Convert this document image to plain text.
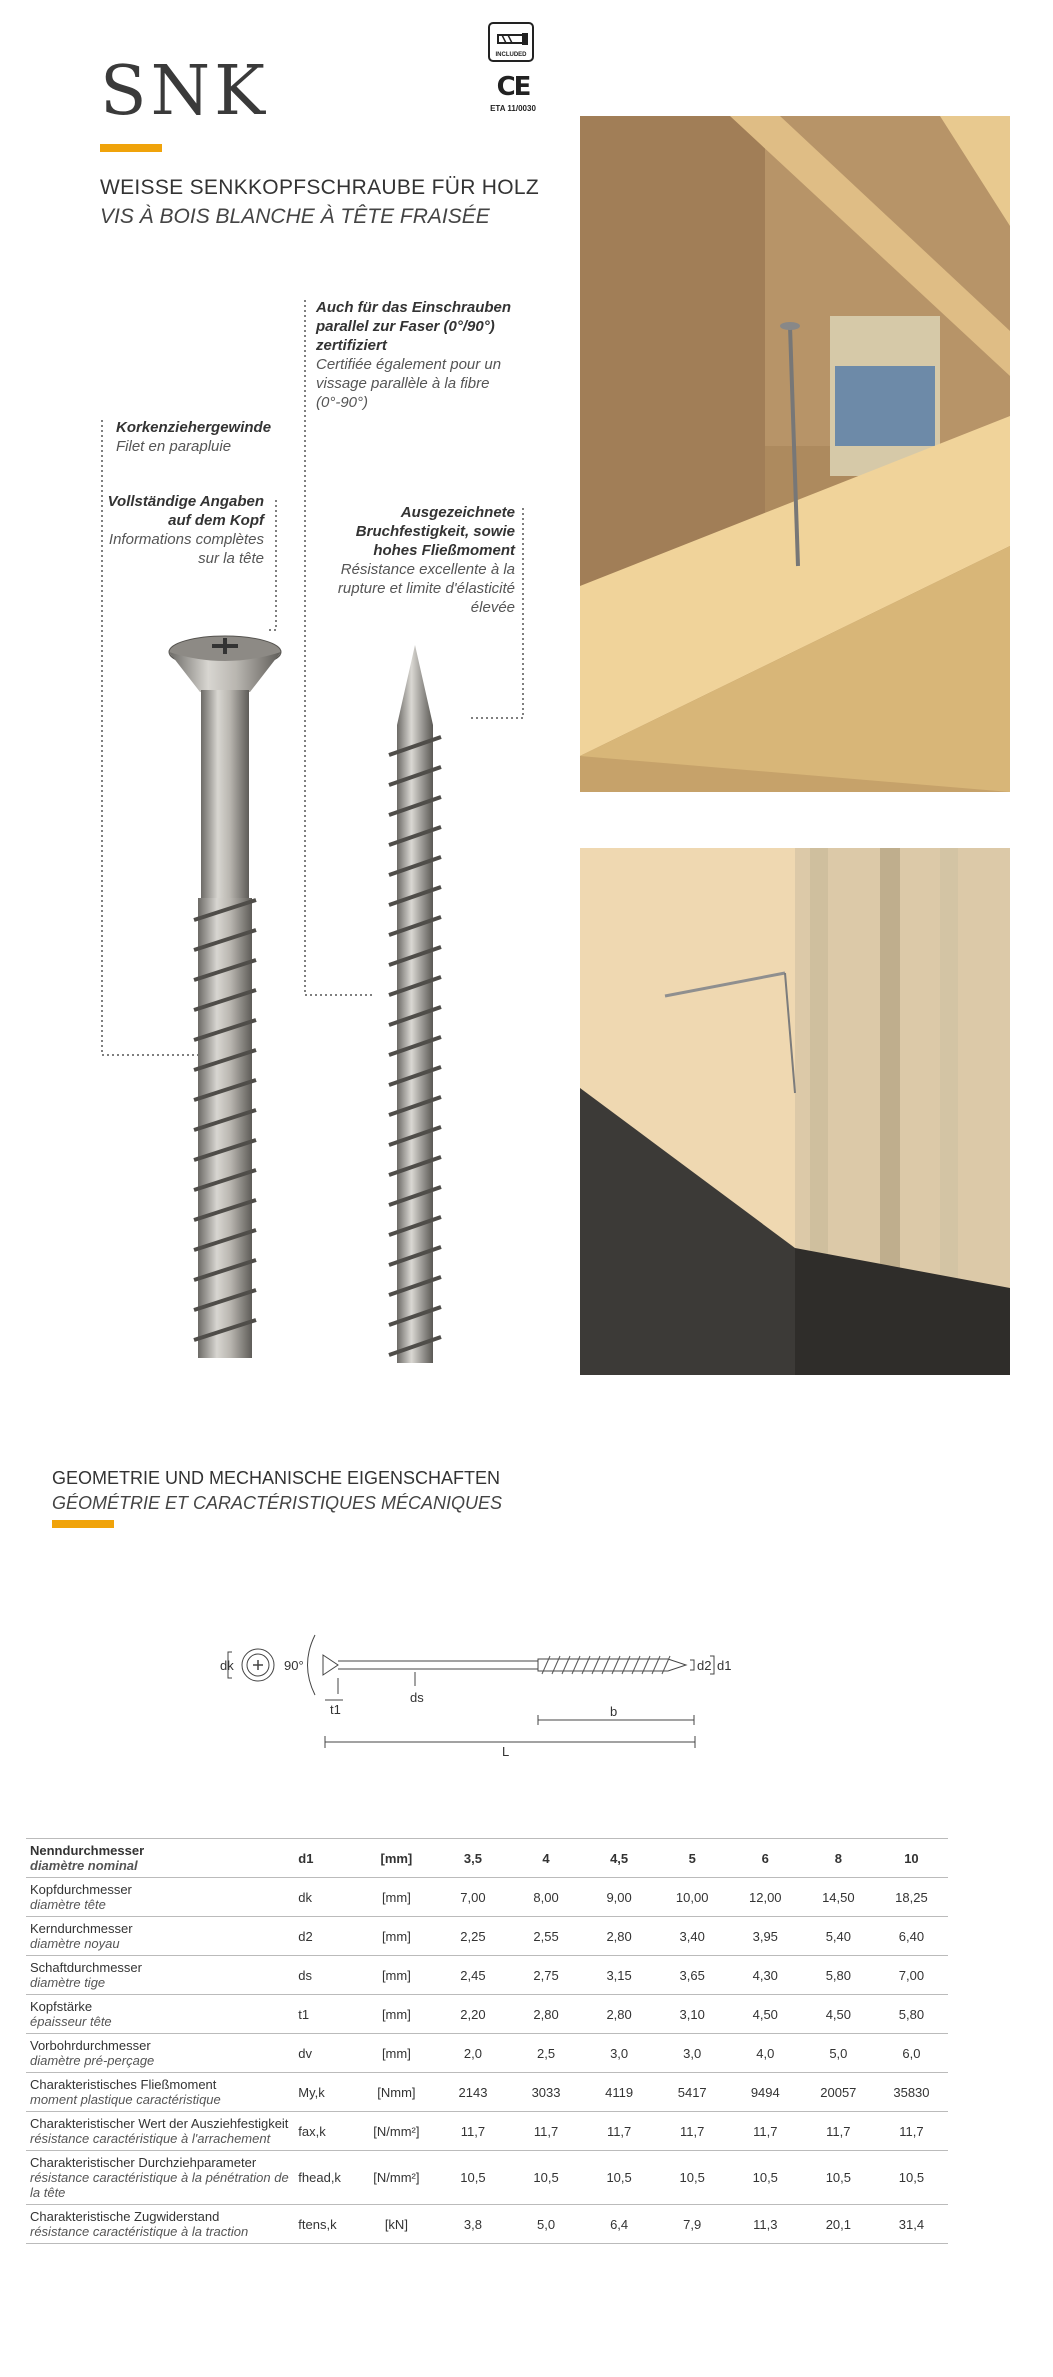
SNK
WEISSE SENKKOPFSCHRAUBE FÜR HOLZ
VIS À BOIS BLANCHE À TÊTE FRAISÉE
INCLUDED
CE
ETA 11/0030
Auch für das Einschrauben parallel zur Faser (0°/90°) zertifiziert
Certifiée également pour un vissage parallèle à la fibre (0°-90°)
Korkenziehergewinde
Filet en parapluie
Vollständige Angaben auf dem Kopf
Informations complètes sur la tête
Ausgezeichnete Bruchfestigkeit, sowie hohes Fließmoment
Résistance excellente à la rupture et limite d'élasticité élevée
GEOMETRIE UND MECHANISCHE EIGENSCHAFTEN
GÉOMÉTRIE ET CARACTÉRISTIQUES MÉCANIQUES
dk	90°
ds
t1	b
L
d2 d1
Nenndurchmesser
diamètre nominal	d1	[mm]	3,5	4	4,5	5	6	8	10

Kopfdurchmesser
diamètre tête	dk	[mm]	7,00	8,00	9,00	10,00	12,00	14,50	18,25

Kerndurchmesser
diamètre noyau	d2	[mm]	2,25	2,55	2,80	3,40	3,95	5,40	6,40

Schaftdurchmesser
diamètre tige	ds	[mm]	2,45	2,75	3,15	3,65	4,30	5,80	7,00

Kopfstärke
épaisseur tête	t1	[mm]	2,20	2,80	2,80	3,10	4,50	4,50	5,80

Vorbohrdurchmesser
diamètre pré-perçage	dv	[mm]	2,0	2,5	3,0	3,0	4,0	5,0	6,0

Charakteristisches Fließmoment
moment plastique caractéristique	My,k	[Nmm]	2143	3033	4119	5417	9494	20057	35830

Charakteristischer Wert der Ausziehfestigkeit
résistance caractéristique à l'arrachement	fax,k	[N/mm²]	11,7	11,7	11,7	11,7	11,7	11,7	11,7

Charakteristischer Durchziehparameter
résistance caractéristique à la pénétration de la tête	fhead,k	[N/mm²]	10,5	10,5	10,5	10,5	10,5	10,5	10,5

Charakteristische Zugwiderstand
résistance caractéristique à la traction	ftens,k	[kN]	3,8	5,0	6,4	7,9	11,3	20,1	31,4
